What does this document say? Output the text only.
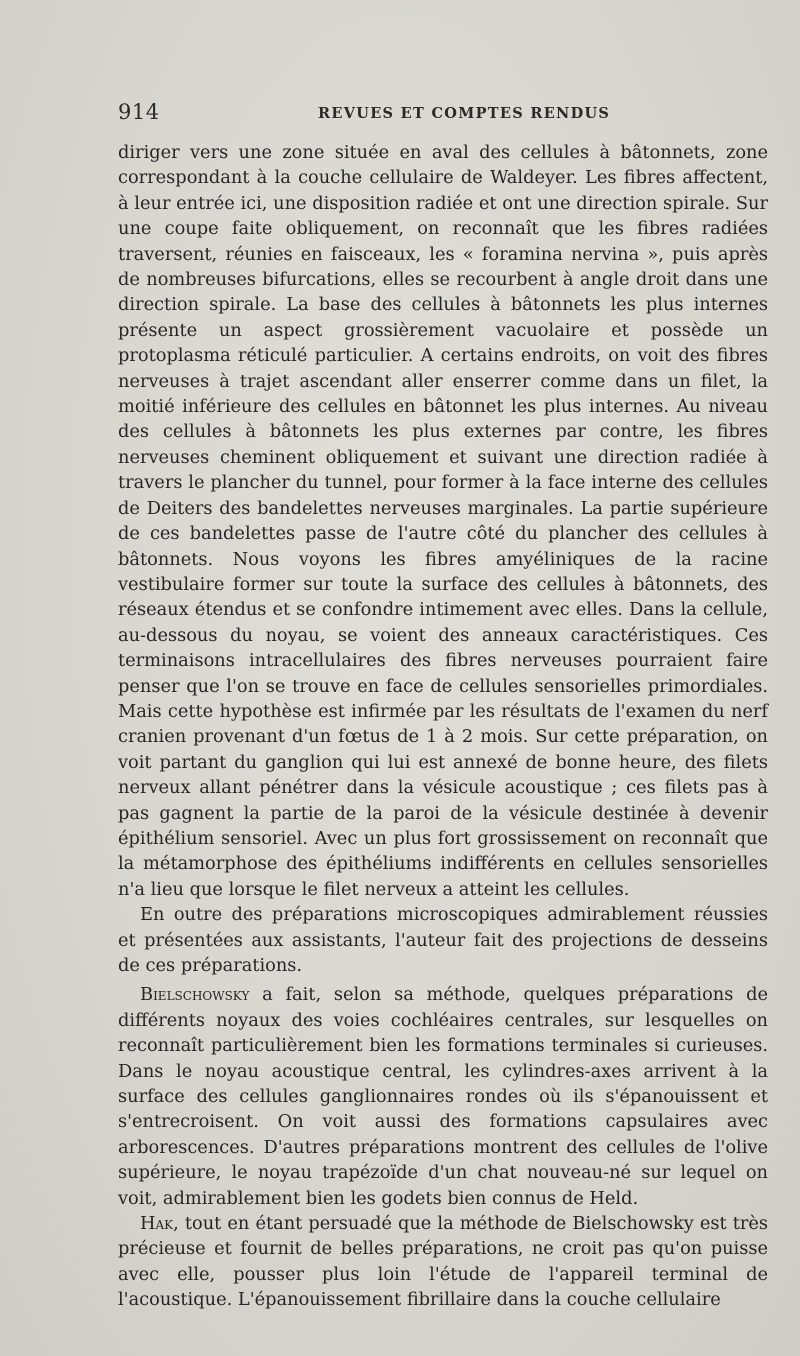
914	REVUES ET COMPTES RENDUS

diriger vers une zone située en aval des cellules à bâtonnets, zone correspondant à la couche cellulaire de Waldeyer. Les fibres affectent, à leur entrée ici, une disposition radiée et ont une direction spirale. Sur une coupe faite obliquement, on reconnaît que les fibres radiées traversent, réunies en faisceaux, les « foramina nervina », puis après de nombreuses bifurcations, elles se recourbent à angle droit dans une direction spirale. La base des cellules à bâtonnets les plus internes présente un aspect grossièrement vacuolaire et possède un protoplasma réticulé particulier. A certains endroits, on voit des fibres nerveuses à trajet ascendant aller enserrer comme dans un filet, la moitié inférieure des cellules en bâtonnet les plus internes. Au niveau des cellules à bâtonnets les plus externes par contre, les fibres nerveuses cheminent obliquement et suivant une direction radiée à travers le plancher du tunnel, pour former à la face interne des cellules de Deiters des bandelettes nerveuses marginales. La partie supérieure de ces bandelettes passe de l'autre côté du plancher des cellules à bâtonnets. Nous voyons les fibres amyéliniques de la racine vestibulaire former sur toute la surface des cellules à bâtonnets, des réseaux étendus et se confondre intimement avec elles. Dans la cellule, au-dessous du noyau, se voient des anneaux caractéristiques. Ces terminaisons intracellulaires des fibres nerveuses pourraient faire penser que l'on se trouve en face de cellules sensorielles primordiales. Mais cette hypothèse est infirmée par les résultats de l'examen du nerf cranien provenant d'un fœtus de 1 à 2 mois. Sur cette préparation, on voit partant du ganglion qui lui est annexé de bonne heure, des filets nerveux allant pénétrer dans la vésicule acoustique ; ces filets pas à pas gagnent la partie de la paroi de la vésicule destinée à devenir épithélium sensoriel. Avec un plus fort grossissement on reconnaît que la métamorphose des épithéliums indifférents en cellules sensorielles n'a lieu que lorsque le filet nerveux a atteint les cellules.

En outre des préparations microscopiques admirablement réussies et présentées aux assistants, l'auteur fait des projections de desseins de ces préparations.

Bielschowsky a fait, selon sa méthode, quelques préparations de différents noyaux des voies cochléaires centrales, sur lesquelles on reconnaît particulièrement bien les formations terminales si curieuses. Dans le noyau acoustique central, les cylindres-axes arrivent à la surface des cellules ganglionnaires rondes où ils s'épanouissent et s'entrecroisent. On voit aussi des formations capsulaires avec arborescences. D'autres préparations montrent des cellules de l'olive supérieure, le noyau trapézoïde d'un chat nouveau-né sur lequel on voit, admirablement bien les godets bien connus de Held.

Hak, tout en étant persuadé que la méthode de Bielschowsky est très précieuse et fournit de belles préparations, ne croit pas qu'on puisse avec elle, pousser plus loin l'étude de l'appareil terminal de l'acoustique. L'épanouissement fibrillaire dans la couche cellulaire
